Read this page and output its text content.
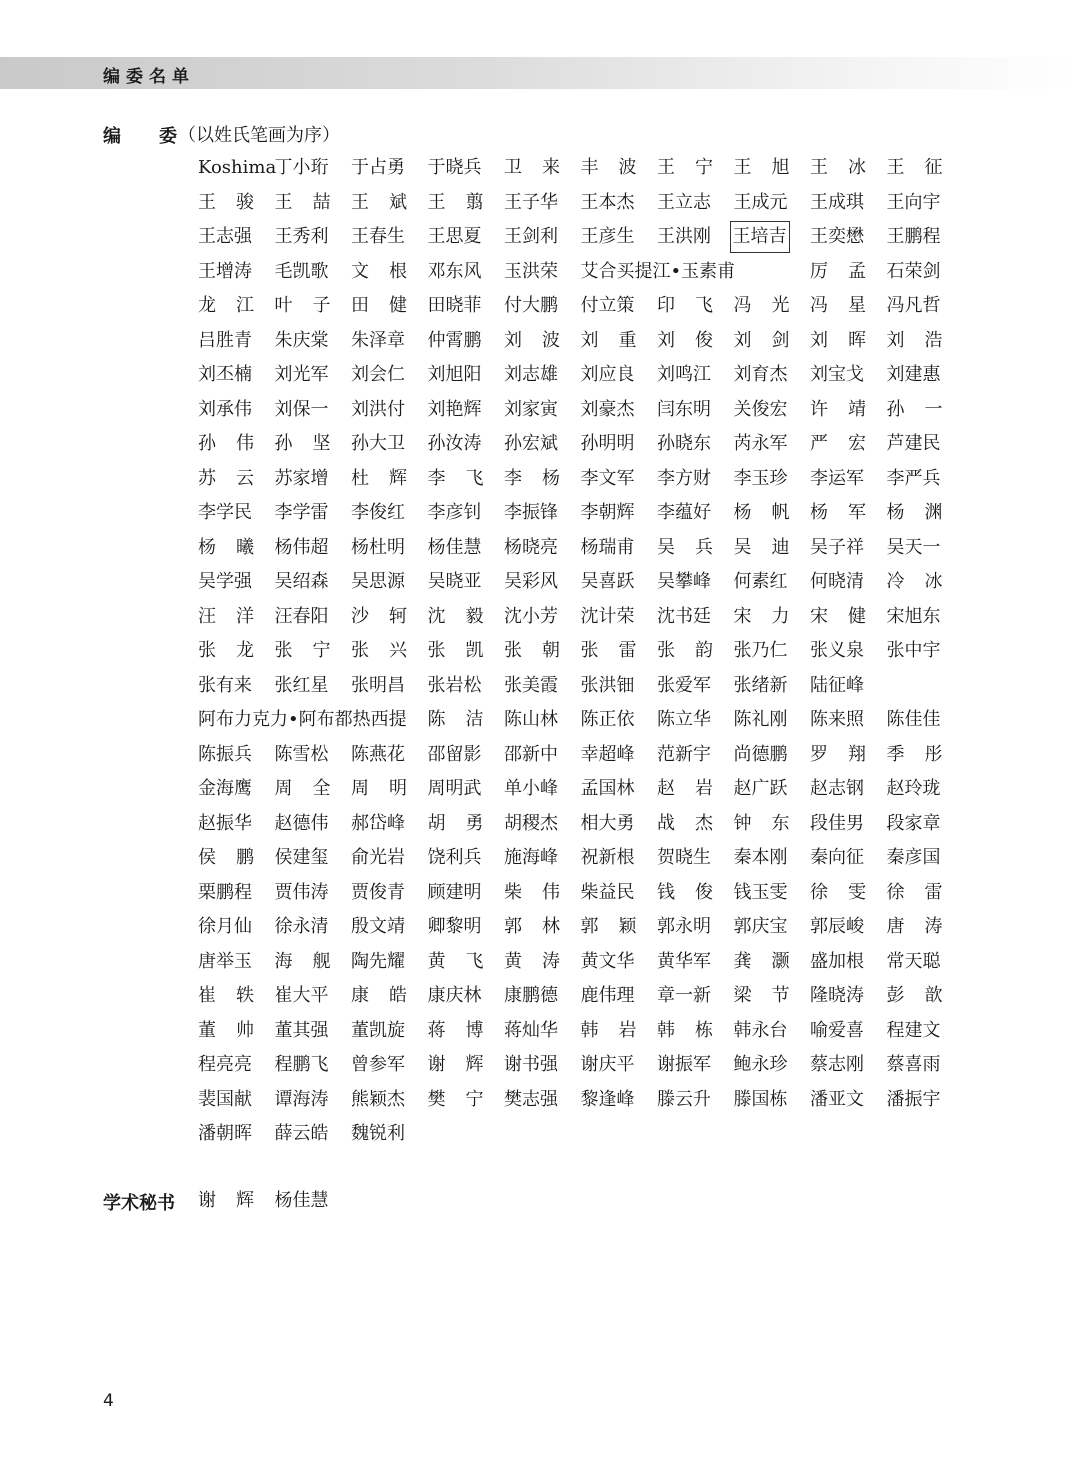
编委名单
编 委 （以姓氏笔画为序）
Koshima
丁小珩 于占勇 于晓兵 卫来 丰波 王宁 王旭 王冰 王征
王骏 王喆 王斌 王翦 王子华 王本杰 王立志 王成元 王成琪 王向宇
王志强 王秀利 王春生 王思夏 王剑利 王彦生 王洪刚 王培吉 王奕懋 王鹏程
王增涛 毛凯歌 文根 邓东风 玉洪荣 艾合买提江•玉素甫	厉孟 石荣剑
龙江 叶子 田健 田晓菲 付大鹏 付立策 印飞 冯光 冯星 冯凡哲
吕胜青 朱庆棠 朱泽章 仲霄鹏 刘波 刘重 刘俊 刘剑 刘晖 刘浩
刘丕楠 刘光军 刘会仁 刘旭阳 刘志雄 刘应良 刘鸣江 刘育杰 刘宝戈 刘建惠
刘承伟 刘保一 刘洪付 刘艳辉 刘家寅 刘豪杰 闫东明 关俊宏 许靖 孙一
孙伟 孙坚 孙大卫 孙汝涛 孙宏斌 孙明明 孙晓东 芮永军 严宏 芦建民
苏云 苏家增 杜辉 李飞 李杨 李文军 李方财 李玉珍 李运军 李严兵
李学民 李学雷 李俊红 李彦钊 李振锋 李朝辉 李蕴好 杨帆 杨军 杨渊
杨曦 杨伟超 杨杜明 杨佳慧 杨晓亮 杨瑞甫 吴兵 吴迪 吴子祥 吴天一
吴学强 吴绍森 吴思源 吴晓亚 吴彩风 吴喜跃 吴攀峰 何素红 何晓清 冷冰
汪洋 汪春阳 沙轲 沈毅 沈小芳 沈计荣 沈书廷 宋力 宋健 宋旭东
张龙 张宁 张兴 张凯 张朝 张雷 张韵 张乃仁 张义泉 张中宇
张有来 张红星 张明昌 张岩松 张美霞 张洪钿 张爱军 张绪新 陆征峰
阿布力克力•阿布都热西提 陈洁 陈山林 陈正依 陈立华 陈礼刚 陈来照 陈佳佳
陈振兵 陈雪松 陈燕花 邵留影 邵新中 幸超峰 范新宇 尚德鹏 罗翔 季彤
金海鹰 周全 周明 周明武 单小峰 孟国林 赵岩 赵广跃 赵志钢 赵玲珑
赵振华 赵德伟 郝岱峰 胡勇 胡稷杰 相大勇 战杰 钟东 段佳男 段家章
侯鹏 侯建玺 俞光岩 饶利兵 施海峰 祝新根 贺晓生 秦本刚 秦向征 秦彦国
栗鹏程 贾伟涛 贾俊青 顾建明 柴伟 柴益民 钱俊 钱玉雯 徐雯 徐雷
徐月仙 徐永清 殷文靖 卿黎明 郭林 郭颖 郭永明 郭庆宝 郭辰峻 唐涛
唐举玉 海舰 陶先耀 黄飞 黄涛 黄文华 黄华军 龚灏 盛加根 常天聪
崔轶 崔大平 康皓 康庆林 康鹏德 鹿伟理 章一新 梁节 隆晓涛 彭歆
董帅 董其强 董凯旋 蒋博 蒋灿华 韩岩 韩栋 韩永台 喻爱喜 程建文
程亮亮 程鹏飞 曾参军 谢辉 谢书强 谢庆平 谢振军 鲍永珍 蔡志刚 蔡喜雨
裴国献 谭海涛 熊颖杰 樊宁 樊志强 黎逢峰 滕云升 滕国栋 潘亚文 潘振宇
潘朝晖 薛云皓 魏锐利
学术秘书 谢辉 杨佳慧
4
